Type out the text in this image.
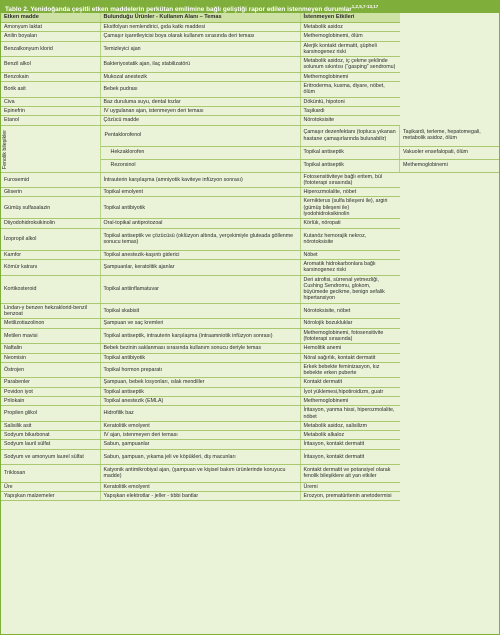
Tablo 2. Yenidoğanda çeşitli etken maddelerin perkütan emilimine bağlı geliştiği rapor edilen istenmeyen durumlar$^{1,2,5,7-13,17}$
Etken madde	Bulunduğu Ürünler - Kullanım Alanı – Temas	İstenmeyen Etkileri	
Amonyum laktat	Ekstfolyan nemlendirici, gıda katkı maddesi	Metabolik asidoz	
Anilin boyaları	Çamaşır işaretleyicisi boya olarak kullanım sırasında deri teması	Methemoglobinemi, ölüm	
Benzalkonyum klorid	Temizleyici ajan	Alerjik kontakt dermatit, şüpheli karsinogenez riski	
Benzil alkol	Bakteriyostatik ajan, ilaç stabilizatörü	Metabolik asidoz, iç çekme şeklinde solunum sıkıntısı (“gasping” sendromu)	
Benzokain	Mukozal anestezik	Methemoglobinemi	
Borik asit	Bebek pudrası	Eritroderma, kusma, diyare, nöbet, ölüm	
Civa	Baz duruluma suyu, dental tozlar	Döküntü, hipotoni	
Epinefrin	IV uygulanan ajan, istenmeyen deri teması	Taşikardi	
Etanol	Çözücü madde	Nörotoksisite	

Fenolik bileşikler	Pentaklorofenol	Çamaşır dezenfektanı (topluca yıkanan hastane çamaşırlarında bulunabilir)	Taşikardi, terleme, hepatomegali, metabolik asidoz, ölüm
	Hekzaklorofen	Topikal antiseptik	Vakuoler ensefalopati, ölüm
	Rezorsinol	Topikal antiseptik	Methemoglobinemi
Furosemid	İntrauterin karşılaşma (amniyotik kaviteye infüzyon sonrası)	Fotosensitiviteye bağlı eritem, bül (fototerapi sırasında)	
Gliserin	Topikal emolyent	Hiperozmolalite, nöbet	
Gümüş sulfasalazin	Topikal antibiyotik	Kernikterus (sulfa bileşeni ile), argiri (gümüş bileşeni ile) lyodohidroksikinolin	
Diiyodohidroksikinolin	Oral-topikal antiprotozoal	Körlük, nöropati	
İzopropil alkol	Topikal antiseptik ve çözücüsü (oklüzyon altında, yerçekimiyle gluteada göllenme sonucu temas)	Kutanöz hemorajik nekroz, nörotoksisite	
Kamfor	Topikal anestezik-kaşıntı giderici	Nöbet	
Kömür katranı	Şampuanlar, keratolitik ajanlar	Aromatik hidrokarbonlara bağlı karsinogenez riski	
Kortikosteroid	Topikal antiinflamatuvar	Deri atrofisi, sürrenal yetmezliği, Cushing Sendromu, glokom, büyümede gecikme, benign sefalik hipertansiyon	
Lindan-γ benzen hekzaklorid-benzil benzoat	Topikal skabisit	Nörotoksisite, nöbet	
Metilizotiazolinon	Şampuan ve saç kremleri	Nörolojik bozukluklar	
Metilen mavisi	Topikal antiseptik, intrauterin karşılaşma (intraamniotik infüzyon sonrası)	Methemoglobinemi, fotosensitivite (fototerapi sırasında)	
Naftalin	Bebek bezinin saklanması sırasında kullanım sonucu deriyle temas	Hemolitik anemi	
Neomisin	Topikal antibiyotik	Nöral sağırlık, kontakt dermatit	
Östrojen	Topikal hormon preparatı	Erkek bebekte feminizasyon, kız bebekte erken puberte	
Parabenler	Şampuan, bebek losyonları, ıslak mendiller	Kontakt dermatit	
Povidon iyot	Topikal antiseptik	İyot yüklemesi,hipotiroidizm, guatr	
Prilokain	Topikal anestezik (EMLA)	Methemoglobinemi	
Propilen glikol	Hidrofilik baz	İritasyon, yanma hissi, hiperozmolalite, nöbet	
Salisilik asit	Keratolitik emolyent	Metabolik asidoz, salisilizm	
Sodyum bikarbonat	IV ajan, istenmeyen deri teması	Metabolik alkaloz	
Sodyum lauril sülfat	Sabun, şampuanlar	İritasyon, kontakt dermatit	
Sodyum ve amonyum laurel sülfat	Sabun, şampuan, yıkama jeli ve köpükleri, diş macunları	İritasyon, kontakt dermatit	
Triklosan	Katyonik antimikrobiyal ajan, (şampuan ve kişisel bakım ürünlerinde koruyucu madde)	Kontakt dermatit ve potansiyel olarak fenolik bileşiklere ait yan etkiler	
Üre	Keratolitik emolyent	Üremi	
Yapışkan malzemeler	Yapışkan elektrotlar - jeller - tıbbi bantlar	Erozyon, prematüritenin anetodermisi	
